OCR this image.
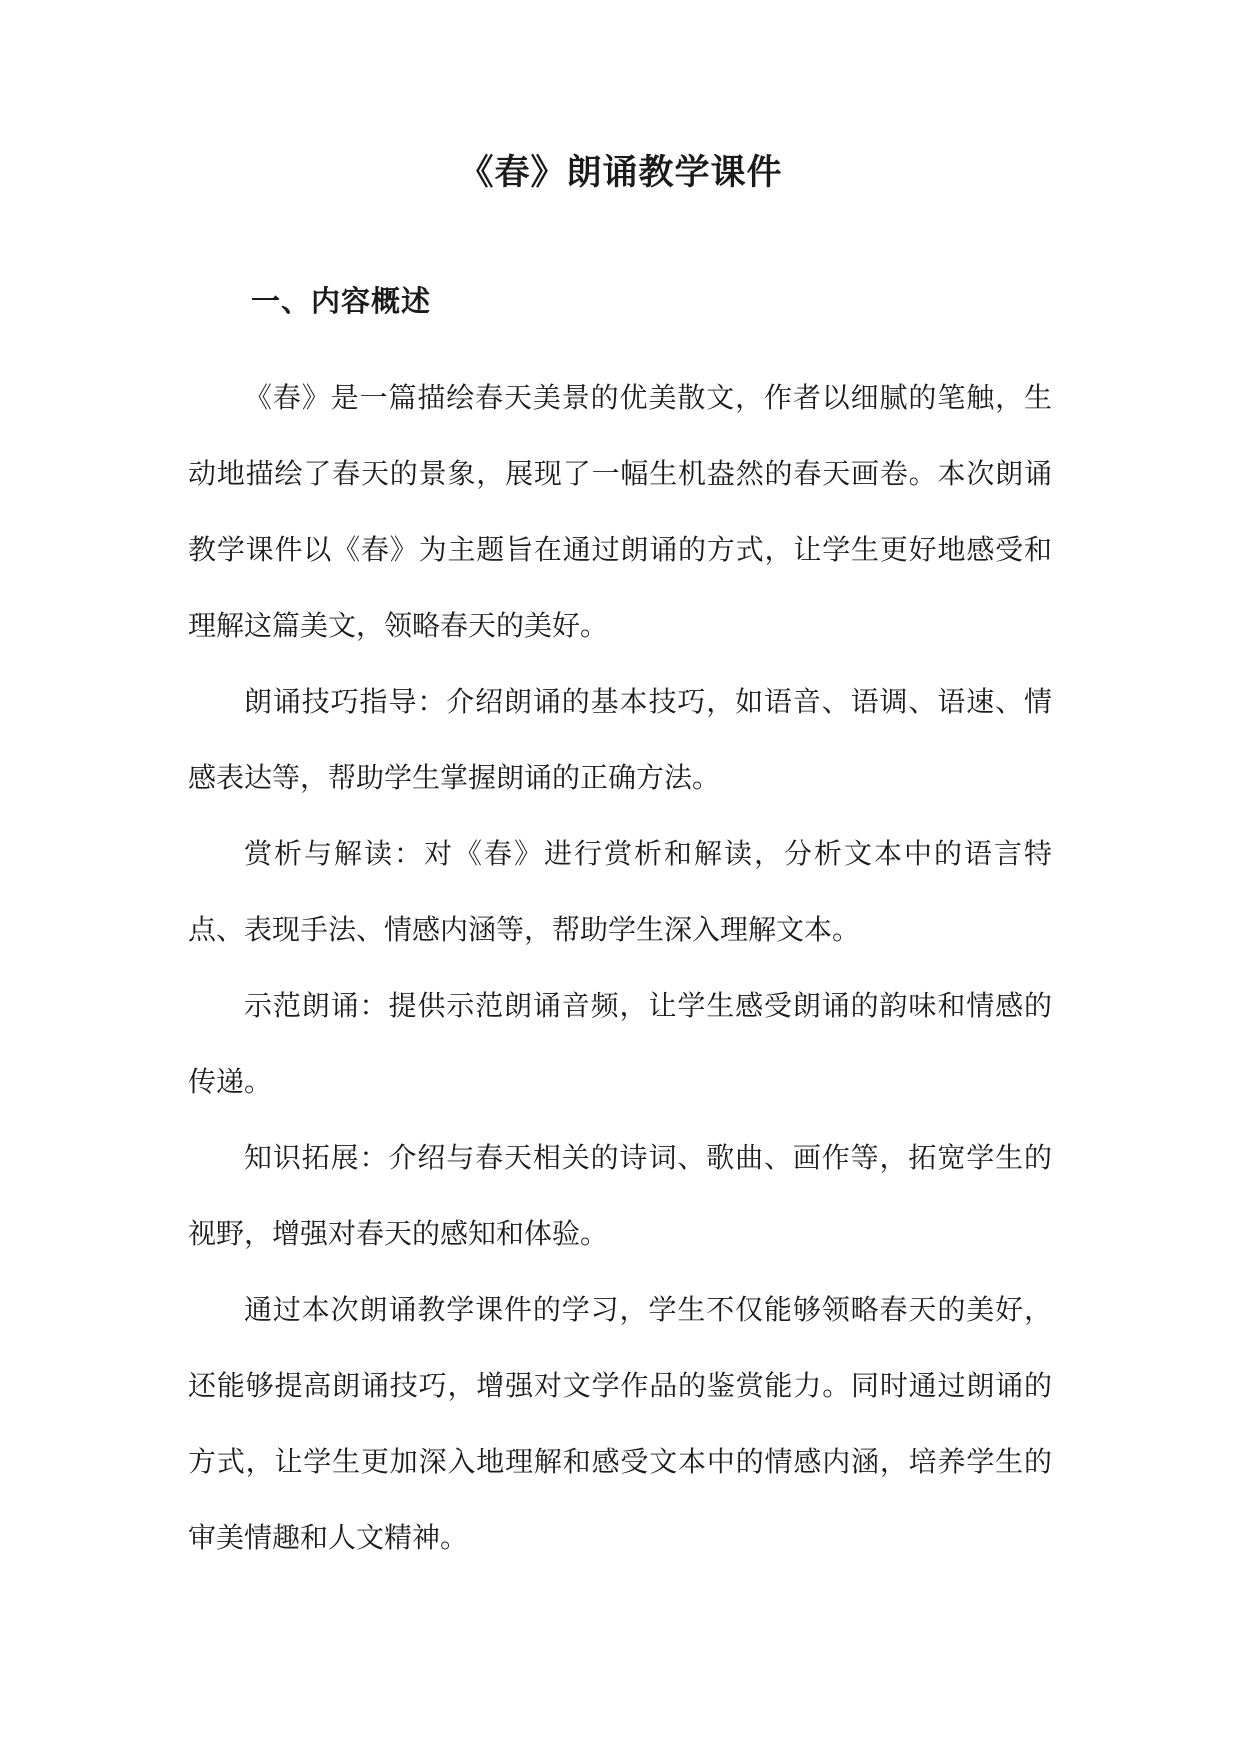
《春》朗诵教学课件
一、内容概述

《春》是一篇描绘春天美景的优美散文，作者以细腻的笔触，生动地描绘了春天的景象，展现了一幅生机盎然的春天画卷。本次朗诵教学课件以《春》为主题旨在通过朗诵的方式，让学生更好地感受和理解这篇美文，领略春天的美好。

朗诵技巧指导：介绍朗诵的基本技巧，如语音、语调、语速、情感表达等，帮助学生掌握朗诵的正确方法。

赏析与解读：对《春》进行赏析和解读，分析文本中的语言特点、表现手法、情感内涵等，帮助学生深入理解文本。

示范朗诵：提供示范朗诵音频，让学生感受朗诵的韵味和情感的传递。

知识拓展：介绍与春天相关的诗词、歌曲、画作等，拓宽学生的视野，增强对春天的感知和体验。

通过本次朗诵教学课件的学习，学生不仅能够领略春天的美好，还能够提高朗诵技巧，增强对文学作品的鉴赏能力。同时通过朗诵的方式，让学生更加深入地理解和感受文本中的情感内涵，培养学生的审美情趣和人文精神。
